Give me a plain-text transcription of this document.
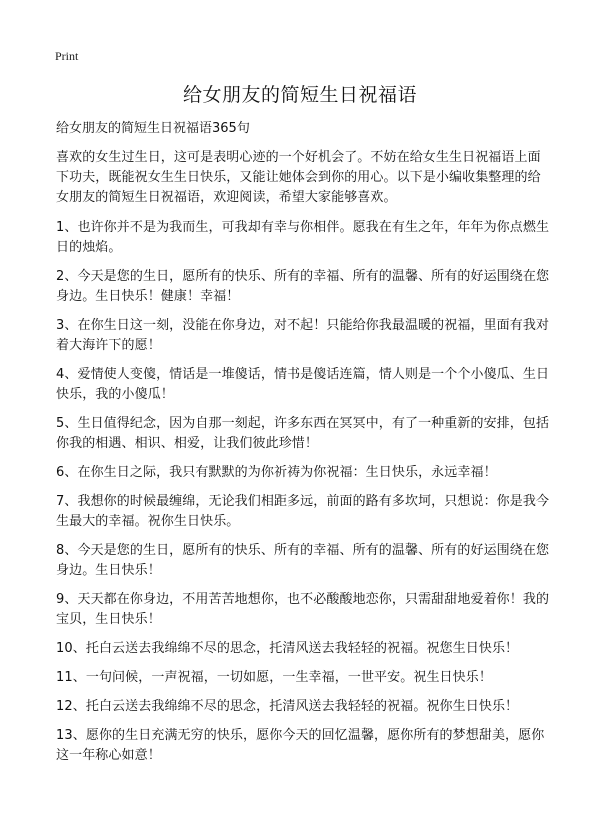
Print
给女朋友的简短生日祝福语

给女朋友的简短生日祝福语365句

喜欢的女生过生日，这可是表明心迹的一个好机会了。不妨在给女生生日祝福语上面下功夫，既能祝女生生日快乐，又能让她体会到你的用心。以下是小编收集整理的给女朋友的简短生日祝福语，欢迎阅读，希望大家能够喜欢。

1、也许你并不是为我而生，可我却有幸与你相伴。愿我在有生之年，年年为你点燃生日的烛焰。

2、今天是您的生日，愿所有的快乐、所有的幸福、所有的温馨、所有的好运围绕在您身边。生日快乐！健康！幸福！

3、在你生日这一刻，没能在你身边，对不起！只能给你我最温暖的祝福，里面有我对着大海许下的愿！

4、爱情使人变傻，情话是一堆傻话，情书是傻话连篇，情人则是一个个小傻瓜、生日快乐，我的小傻瓜！

5、生日值得纪念，因为自那一刻起，许多东西在冥冥中，有了一种重新的安排，包括你我的相遇、相识、相爱，让我们彼此珍惜！

6、在你生日之际，我只有默默的为你祈祷为你祝福：生日快乐，永远幸福！

7、我想你的时候最缠绵，无论我们相距多远，前面的路有多坎坷，只想说：你是我今生最大的幸福。祝你生日快乐。

8、今天是您的生日，愿所有的快乐、所有的幸福、所有的温馨、所有的好运围绕在您身边。生日快乐！

9、天天都在你身边，不用苦苦地想你，也不必酸酸地恋你，只需甜甜地爱着你！我的宝贝，生日快乐！

10、托白云送去我绵绵不尽的思念，托清风送去我轻轻的祝福。祝您生日快乐！

11、一句问候，一声祝福，一切如愿，一生幸福，一世平安。祝生日快乐！

12、托白云送去我绵绵不尽的思念，托清风送去我轻轻的祝福。祝你生日快乐！

13、愿你的生日充满无穷的快乐，愿你今天的回忆温馨，愿你所有的梦想甜美，愿你这一年称心如意！
